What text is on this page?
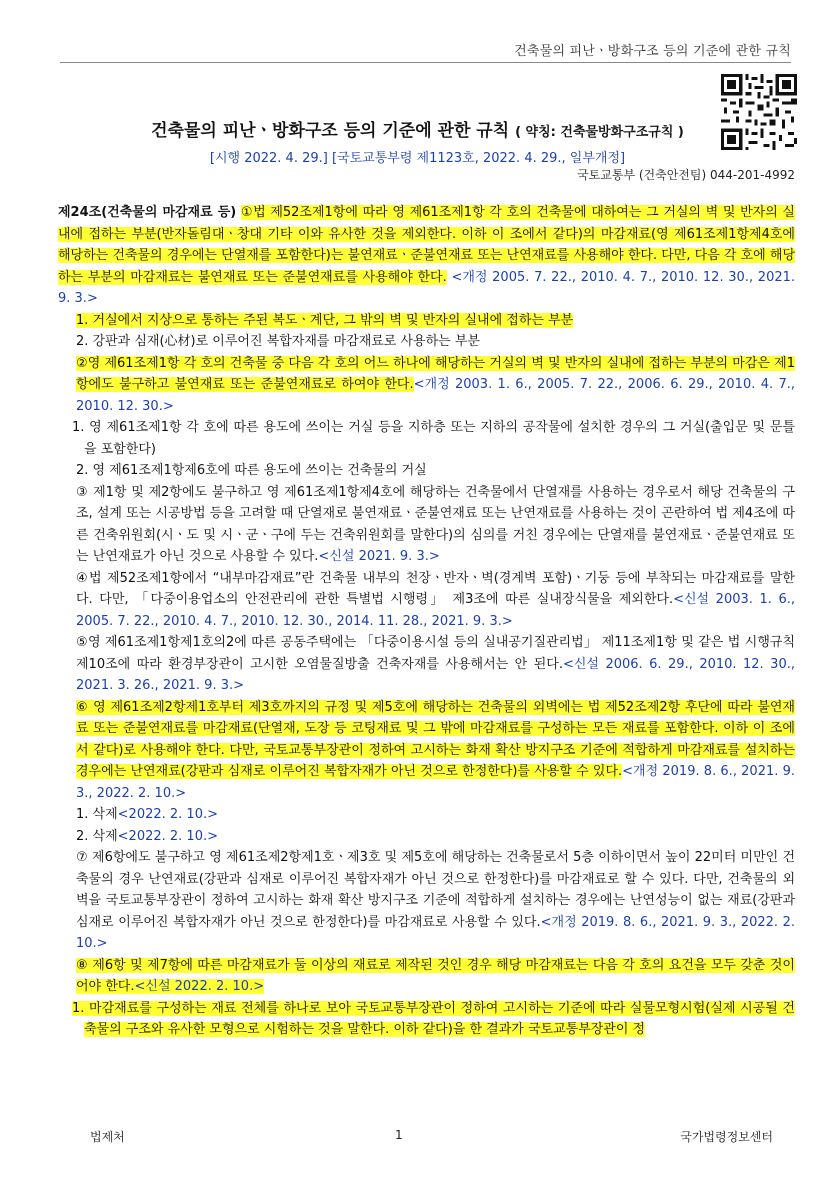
건축물의 피난ㆍ방화구조 등의 기준에 관한 규칙
건축물의 피난ㆍ방화구조 등의 기준에 관한 규칙 ( 약칭: 건축물방화구조규칙 )
[시행 2022. 4. 29.] [국토교통부령 제1123호, 2022. 4. 29., 일부개정]
국토교통부 (건축안전팀) 044-201-4992

제24조(건축물의 마감재료 등) ①법 제52조제1항에 따라 영 제61조제1항 각 호의 건축물에 대하여는 그 거실의 벽 및 반자의 실내에 접하는 부분(반자돌림대ㆍ창대 기타 이와 유사한 것을 제외한다. 이하 이 조에서 같다)의 마감재료(영 제61조제1항제4호에 해당하는 건축물의 경우에는 단열재를 포함한다)는 불연재료ㆍ준불연재료 또는 난연재료를 사용해야 한다. 다만, 다음 각 호에 해당하는 부분의 마감재료는 불연재료 또는 준불연재료를 사용해야 한다. <개정 2005. 7. 22., 2010. 4. 7., 2010. 12. 30., 2021. 9. 3.>

1. 거실에서 지상으로 통하는 주된 복도ㆍ계단, 그 밖의 벽 및 반자의 실내에 접하는 부분

2. 강판과 심재(心材)로 이루어진 복합자재를 마감재료로 사용하는 부분

②영 제61조제1항 각 호의 건축물 중 다음 각 호의 어느 하나에 해당하는 거실의 벽 및 반자의 실내에 접하는 부분의 마감은 제1항에도 불구하고 불연재료 또는 준불연재료로 하여야 한다.<개정 2003. 1. 6., 2005. 7. 22., 2006. 6. 29., 2010. 4. 7., 2010. 12. 30.>

1. 영 제61조제1항 각 호에 따른 용도에 쓰이는 거실 등을 지하층 또는 지하의 공작물에 설치한 경우의 그 거실(출입문 및 문틀을 포함한다)

2. 영 제61조제1항제6호에 따른 용도에 쓰이는 건축물의 거실

③ 제1항 및 제2항에도 불구하고 영 제61조제1항제4호에 해당하는 건축물에서 단열재를 사용하는 경우로서 해당 건축물의 구조, 설계 또는 시공방법 등을 고려할 때 단열재로 불연재료ㆍ준불연재료 또는 난연재료를 사용하는 것이 곤란하여 법 제4조에 따른 건축위원회(시ㆍ도 및 시ㆍ군ㆍ구에 두는 건축위원회를 말한다)의 심의를 거친 경우에는 단열재를 불연재료ㆍ준불연재료 또는 난연재료가 아닌 것으로 사용할 수 있다.<신설 2021. 9. 3.>

④법 제52조제1항에서 “내부마감재료”란 건축물 내부의 천장ㆍ반자ㆍ벽(경계벽 포함)ㆍ기둥 등에 부착되는 마감재료를 말한다. 다만, 「다중이용업소의 안전관리에 관한 특별법 시행령」 제3조에 따른 실내장식물을 제외한다.<신설 2003. 1. 6., 2005. 7. 22., 2010. 4. 7., 2010. 12. 30., 2014. 11. 28., 2021. 9. 3.>

⑤영 제61조제1항제1호의2에 따른 공동주택에는 「다중이용시설 등의 실내공기질관리법」 제11조제1항 및 같은 법 시행규칙 제10조에 따라 환경부장관이 고시한 오염물질방출 건축자재를 사용해서는 안 된다.<신설 2006. 6. 29., 2010. 12. 30., 2021. 3. 26., 2021. 9. 3.>

⑥ 영 제61조제2항제1호부터 제3호까지의 규정 및 제5호에 해당하는 건축물의 외벽에는 법 제52조제2항 후단에 따라 불연재료 또는 준불연재료를 마감재료(단열재, 도장 등 코팅재료 및 그 밖에 마감재료를 구성하는 모든 재료를 포함한다. 이하 이 조에서 같다)로 사용해야 한다. 다만, 국토교통부장관이 정하여 고시하는 화재 확산 방지구조 기준에 적합하게 마감재료를 설치하는 경우에는 난연재료(강판과 심재로 이루어진 복합자재가 아닌 것으로 한정한다)를 사용할 수 있다.<개정 2019. 8. 6., 2021. 9. 3., 2022. 2. 10.>

1. 삭제<2022. 2. 10.>

2. 삭제<2022. 2. 10.>

⑦ 제6항에도 불구하고 영 제61조제2항제1호ㆍ제3호 및 제5호에 해당하는 건축물로서 5층 이하이면서 높이 22미터 미만인 건축물의 경우 난연재료(강판과 심재로 이루어진 복합자재가 아닌 것으로 한정한다)를 마감재료로 할 수 있다. 다만, 건축물의 외벽을 국토교통부장관이 정하여 고시하는 화재 확산 방지구조 기준에 적합하게 설치하는 경우에는 난연성능이 없는 재료(강판과 심재로 이루어진 복합자재가 아닌 것으로 한정한다)를 마감재료로 사용할 수 있다.<개정 2019. 8. 6., 2021. 9. 3., 2022. 2. 10.>

⑧ 제6항 및 제7항에 따른 마감재료가 둘 이상의 재료로 제작된 것인 경우 해당 마감재료는 다음 각 호의 요건을 모두 갖춘 것이어야 한다.<신설 2022. 2. 10.>

1. 마감재료를 구성하는 재료 전체를 하나로 보아 국토교통부장관이 정하여 고시하는 기준에 따라 실물모형시험(실제 시공될 건축물의 구조와 유사한 모형으로 시험하는 것을 말한다. 이하 같다)을 한 결과가 국토교통부장관이 정

법제처	1	국가법령정보센터
